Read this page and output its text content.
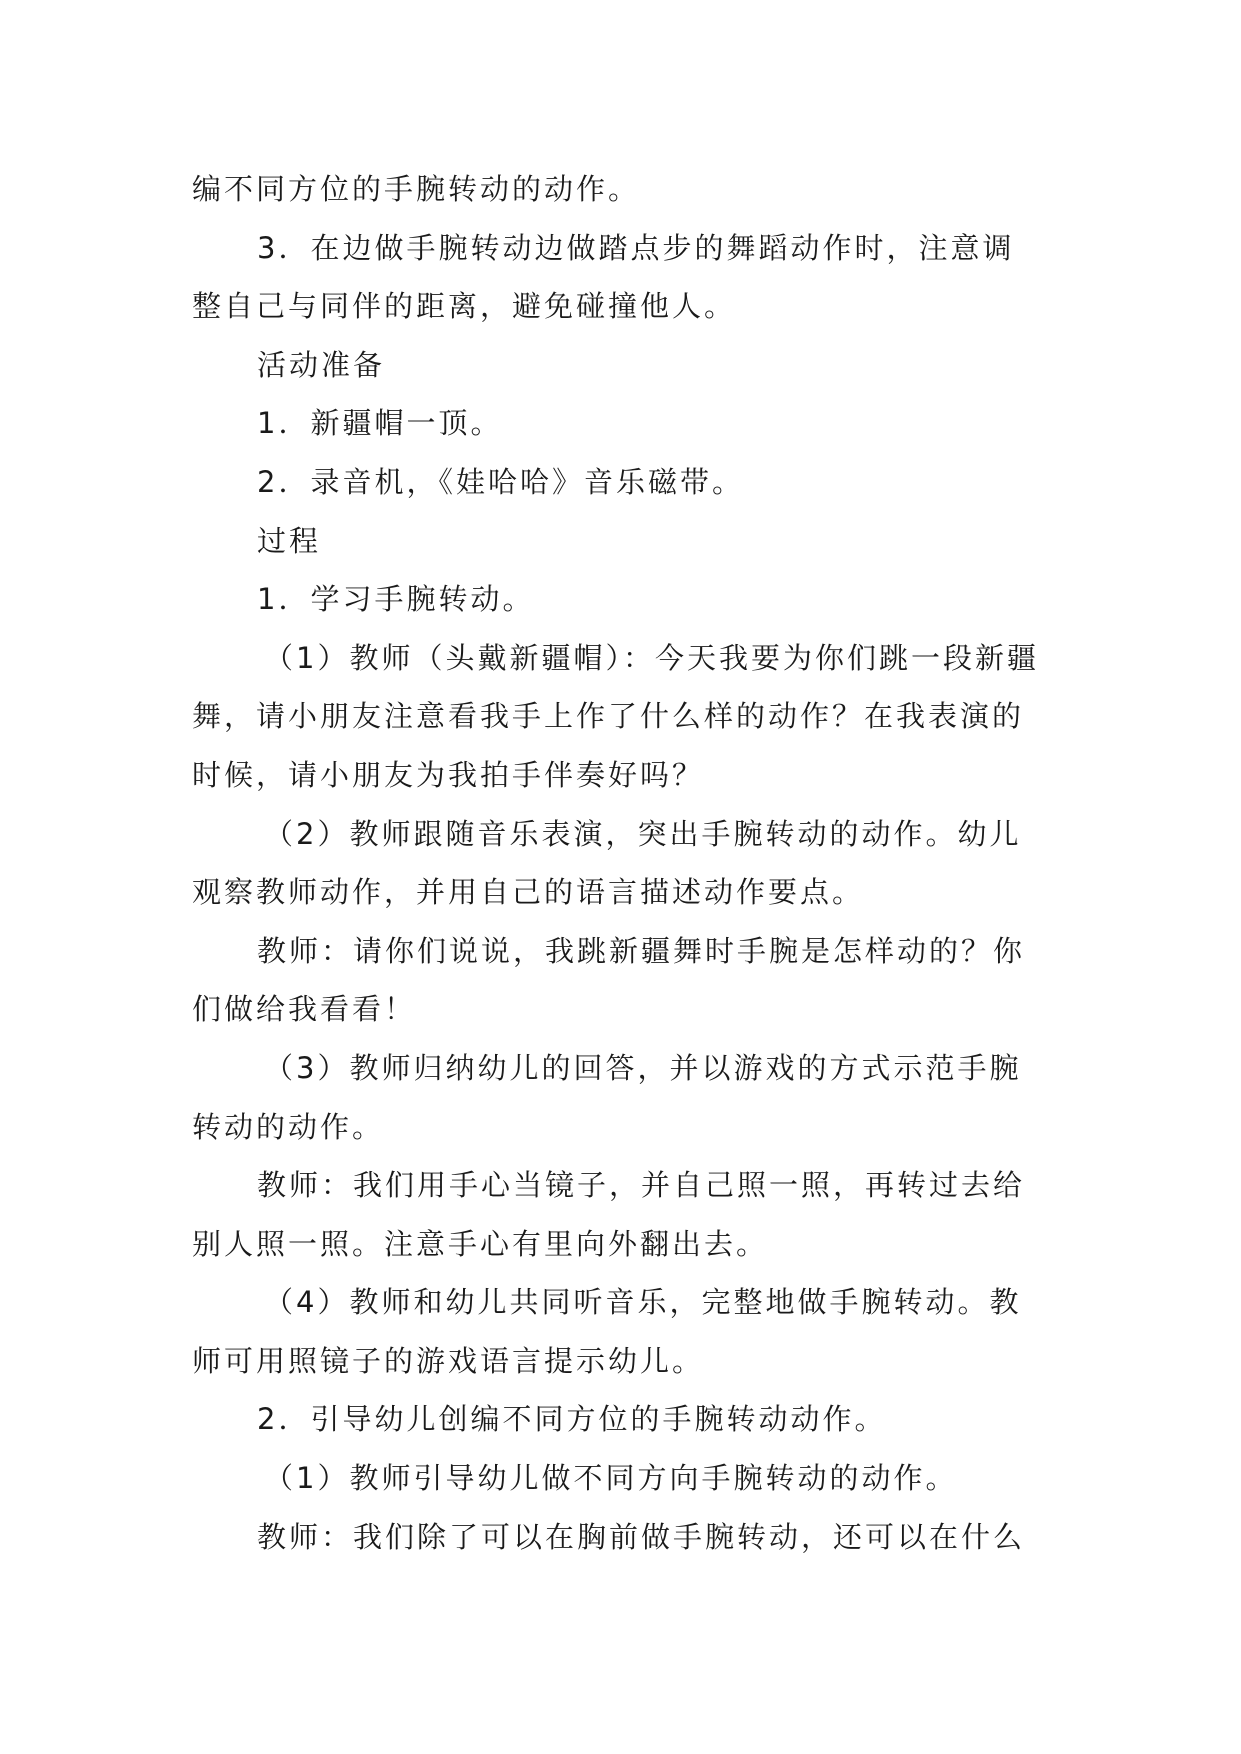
编不同方位的手腕转动的动作。

3．在边做手腕转动边做踏点步的舞蹈动作时，注意调

整自己与同伴的距离，避免碰撞他人。

活动准备

1．新疆帽一顶。

2．录音机，《娃哈哈》音乐磁带。

过程

1．学习手腕转动。

（1）教师（头戴新疆帽）：今天我要为你们跳一段新疆

舞，请小朋友注意看我手上作了什么样的动作？在我表演的

时候，请小朋友为我拍手伴奏好吗？

（2）教师跟随音乐表演，突出手腕转动的动作。幼儿

观察教师动作，并用自己的语言描述动作要点。

教师：请你们说说，我跳新疆舞时手腕是怎样动的？你

们做给我看看！

（3）教师归纳幼儿的回答，并以游戏的方式示范手腕

转动的动作。

教师：我们用手心当镜子，并自己照一照，再转过去给

别人照一照。注意手心有里向外翻出去。

（4）教师和幼儿共同听音乐，完整地做手腕转动。教

师可用照镜子的游戏语言提示幼儿。

2．引导幼儿创编不同方位的手腕转动动作。

（1）教师引导幼儿做不同方向手腕转动的动作。

教师：我们除了可以在胸前做手腕转动，还可以在什么
